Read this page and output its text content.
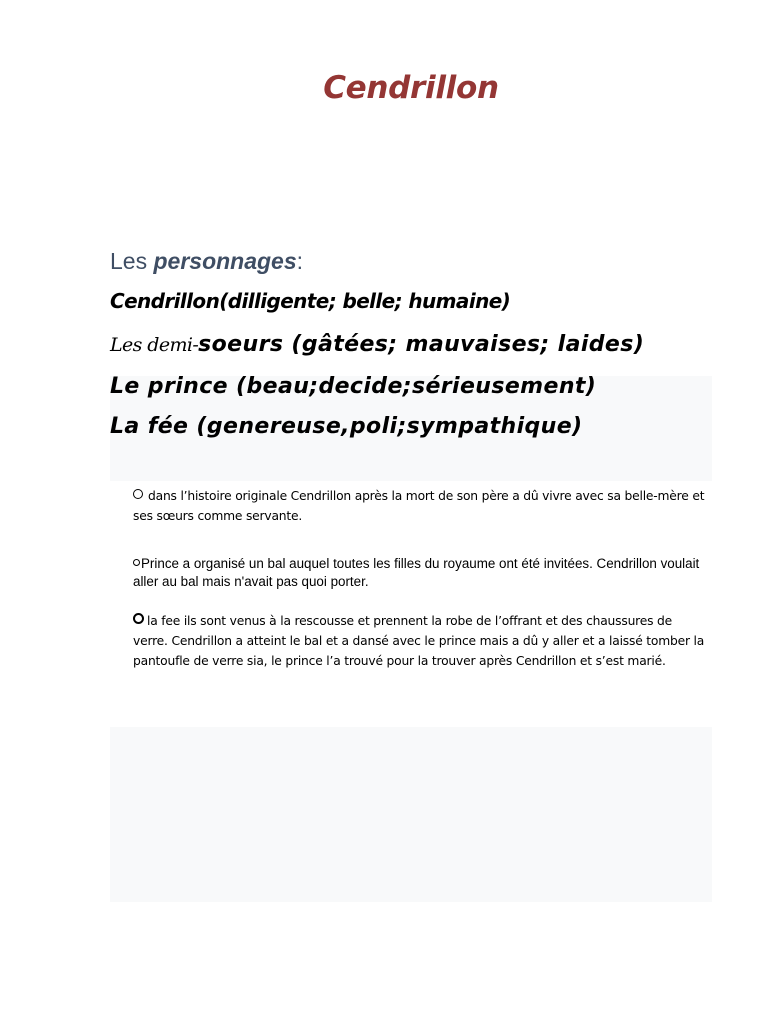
Cendrillon
Les personnages:
Cendrillon(dilligente; belle; humaine)
Les demi-soeurs (gâtées; mauvaises; laides)
Le prince (beau;decide;sérieusement)
La fée (genereuse,poli;sympathique)
dans l’histoire originale Cendrillon après la mort de son père a dû vivre avec sa belle-mère et ses sœurs comme servante.
Prince a organisé un bal auquel toutes les filles du royaume ont été invitées. Cendrillon voulait aller au bal mais n'avait pas quoi porter.
la fee ils sont venus à la rescousse et prennent la robe de l’offrant et des chaussures de verre. Cendrillon a atteint le bal et a dansé avec le prince mais a dû y aller et a laissé tomber la pantoufle de verre sia, le prince l’a trouvé pour la trouver après Cendrillon et s’est marié.
